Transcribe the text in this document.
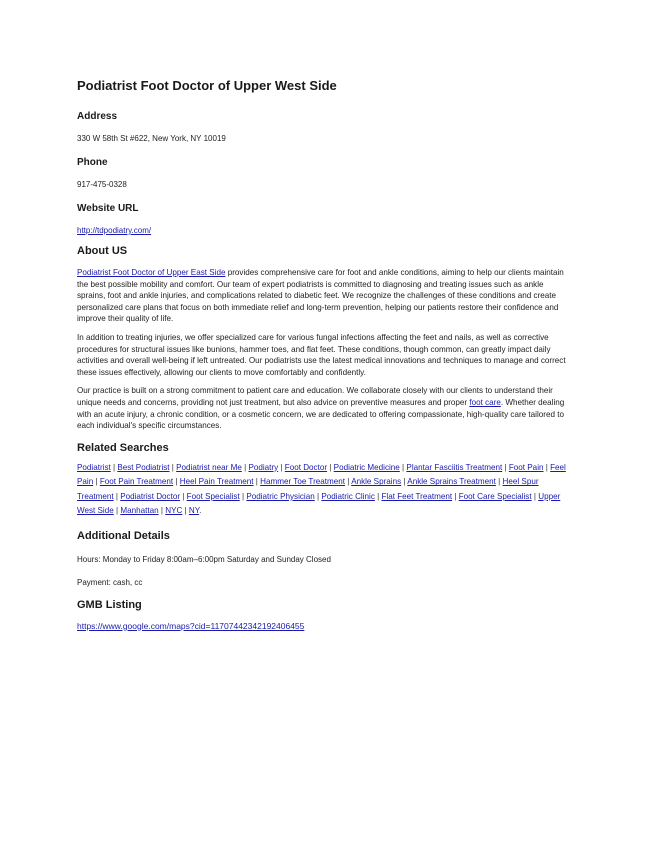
Podiatrist Foot Doctor of Upper West Side
Address

330 W 58th St #622, New York, NY 10019

Phone

917-475-0328

Website URL

http://tdpodiatry.com/

About US

Podiatrist Foot Doctor of Upper East Side provides comprehensive care for foot and ankle conditions, aiming to help our clients maintain the best possible mobility and comfort. Our team of expert podiatrists is committed to diagnosing and treating issues such as ankle sprains, foot and ankle injuries, and complications related to diabetic feet. We recognize the challenges of these conditions and create personalized care plans that focus on both immediate relief and long-term prevention, helping our patients restore their confidence and improve their quality of life.

In addition to treating injuries, we offer specialized care for various fungal infections affecting the feet and nails, as well as corrective procedures for structural issues like bunions, hammer toes, and flat feet. These conditions, though common, can greatly impact daily activities and overall well-being if left untreated. Our podiatrists use the latest medical innovations and techniques to manage and correct these issues effectively, allowing our clients to move comfortably and confidently.

Our practice is built on a strong commitment to patient care and education. We collaborate closely with our clients to understand their unique needs and concerns, providing not just treatment, but also advice on preventive measures and proper foot care. Whether dealing with an acute injury, a chronic condition, or a cosmetic concern, we are dedicated to offering compassionate, high-quality care tailored to each individual's specific circumstances.

Related Searches

Podiatrist | Best Podiatrist | Podiatrist near Me | Podiatry | Foot Doctor | Podiatric Medicine | Plantar Fasciitis Treatment | Foot Pain | Feel Pain | Foot Pain Treatment | Heel Pain Treatment | Hammer Toe Treatment | Ankle Sprains | Ankle Sprains Treatment | Heel Spur Treatment | Podiatrist Doctor | Foot Specialist | Podiatric Physician | Podiatric Clinic | Flat Feet Treatment | Foot Care Specialist | Upper West Side | Manhattan | NYC | NY.

Additional Details

Hours: Monday to Friday 8:00am–6:00pm Saturday and Sunday Closed

Payment: cash, cc

GMB Listing

https://www.google.com/maps?cid=11707442342192406455
